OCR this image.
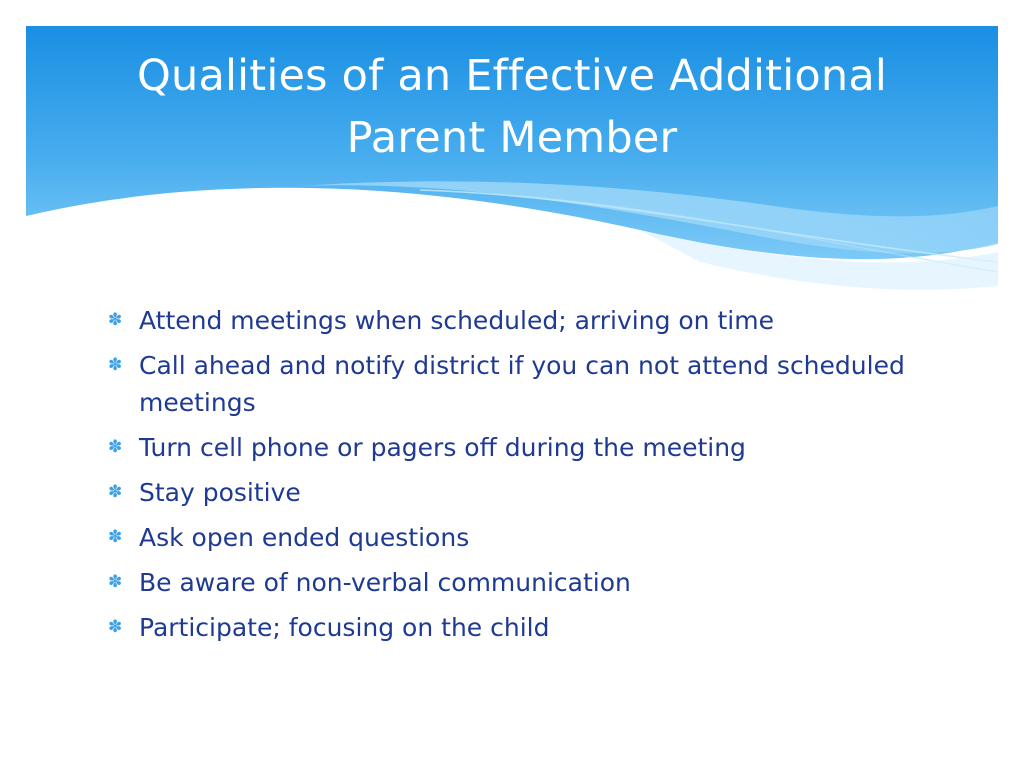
Qualities of an Effective Additional
Parent Member
✽ Attend meetings when scheduled; arriving on time
✽ Call ahead and notify district if you can not attend scheduled meetings
✽ Turn cell phone or pagers off during the meeting
✽ Stay positive
✽ Ask open ended questions
✽ Be aware of non-verbal communication
✽ Participate; focusing on the child
